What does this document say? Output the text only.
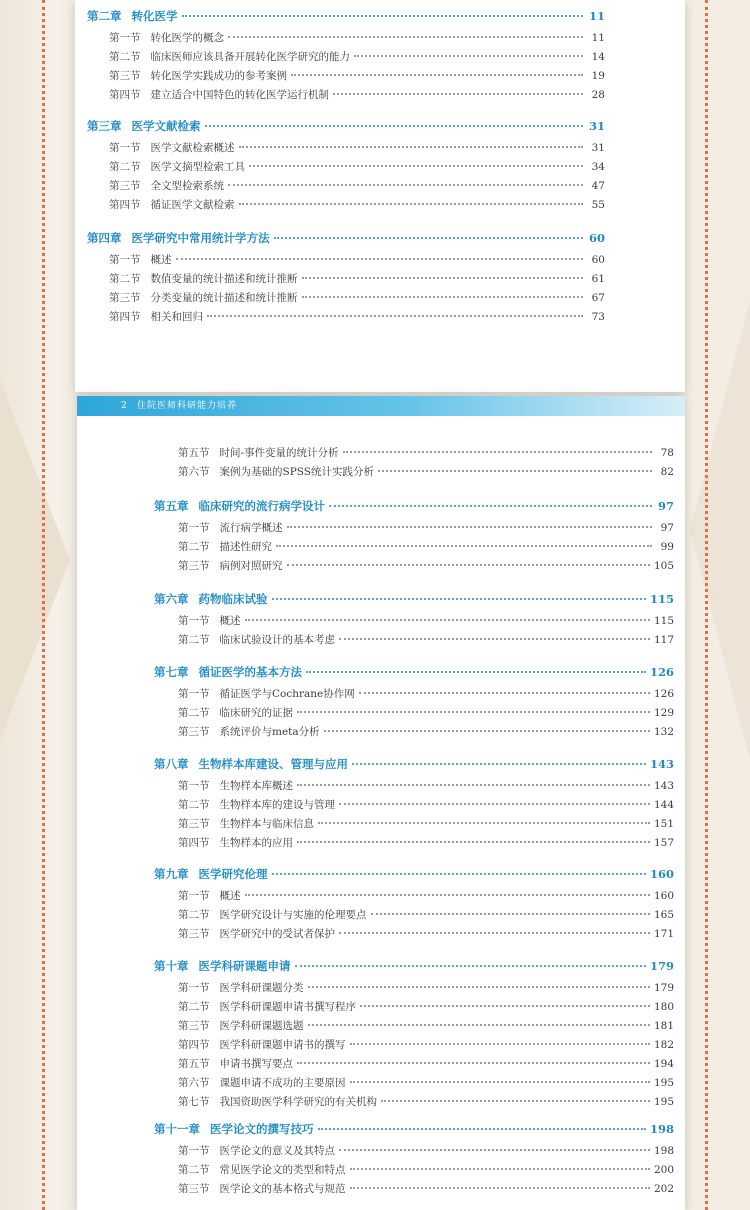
第二章 转化医学	11
第一节 转化医学的概念	11
第二节 临床医师应该具备开展转化医学研究的能力	14
第三节 转化医学实践成功的参考案例	19
第四节 建立适合中国特色的转化医学运行机制	28
第三章 医学文献检索	31
第一节 医学文献检索概述	31
第二节 医学文摘型检索工具	34
第三节 全文型检索系统	47
第四节 循证医学文献检索	55
第四章 医学研究中常用统计学方法	60
第一节 概述	60
第二节 数值变量的统计描述和统计推断	61
第三节 分类变量的统计描述和统计推断	67
第四节 相关和回归	73
2 住院医师科研能力培养
第五节 时间-事件变量的统计分析	78
第六节 案例为基础的SPSS统计实践分析	82
第五章 临床研究的流行病学设计	97
第一节 流行病学概述	97
第二节 描述性研究	99
第三节 病例对照研究	105
第六章 药物临床试验	115
第一节 概述	115
第二节 临床试验设计的基本考虑	117
第七章 循证医学的基本方法	126
第一节 循证医学与Cochrane协作网	126
第二节 临床研究的证据	129
第三节 系统评价与meta分析	132
第八章 生物样本库建设、管理与应用	143
第一节 生物样本库概述	143
第二节 生物样本库的建设与管理	144
第三节 生物样本与临床信息	151
第四节 生物样本的应用	157
第九章 医学研究伦理	160
第一节 概述	160
第二节 医学研究设计与实施的伦理要点	165
第三节 医学研究中的受试者保护	171
第十章 医学科研课题申请	179
第一节 医学科研课题分类	179
第二节 医学科研课题申请书撰写程序	180
第三节 医学科研课题选题	181
第四节 医学科研课题申请书的撰写	182
第五节 申请书撰写要点	194
第六节 课题申请不成功的主要原因	195
第七节 我国资助医学科学研究的有关机构	195
第十一章 医学论文的撰写技巧	198
第一节 医学论文的意义及其特点	198
第二节 常见医学论文的类型和特点	200
第三节 医学论文的基本格式与规范	202
